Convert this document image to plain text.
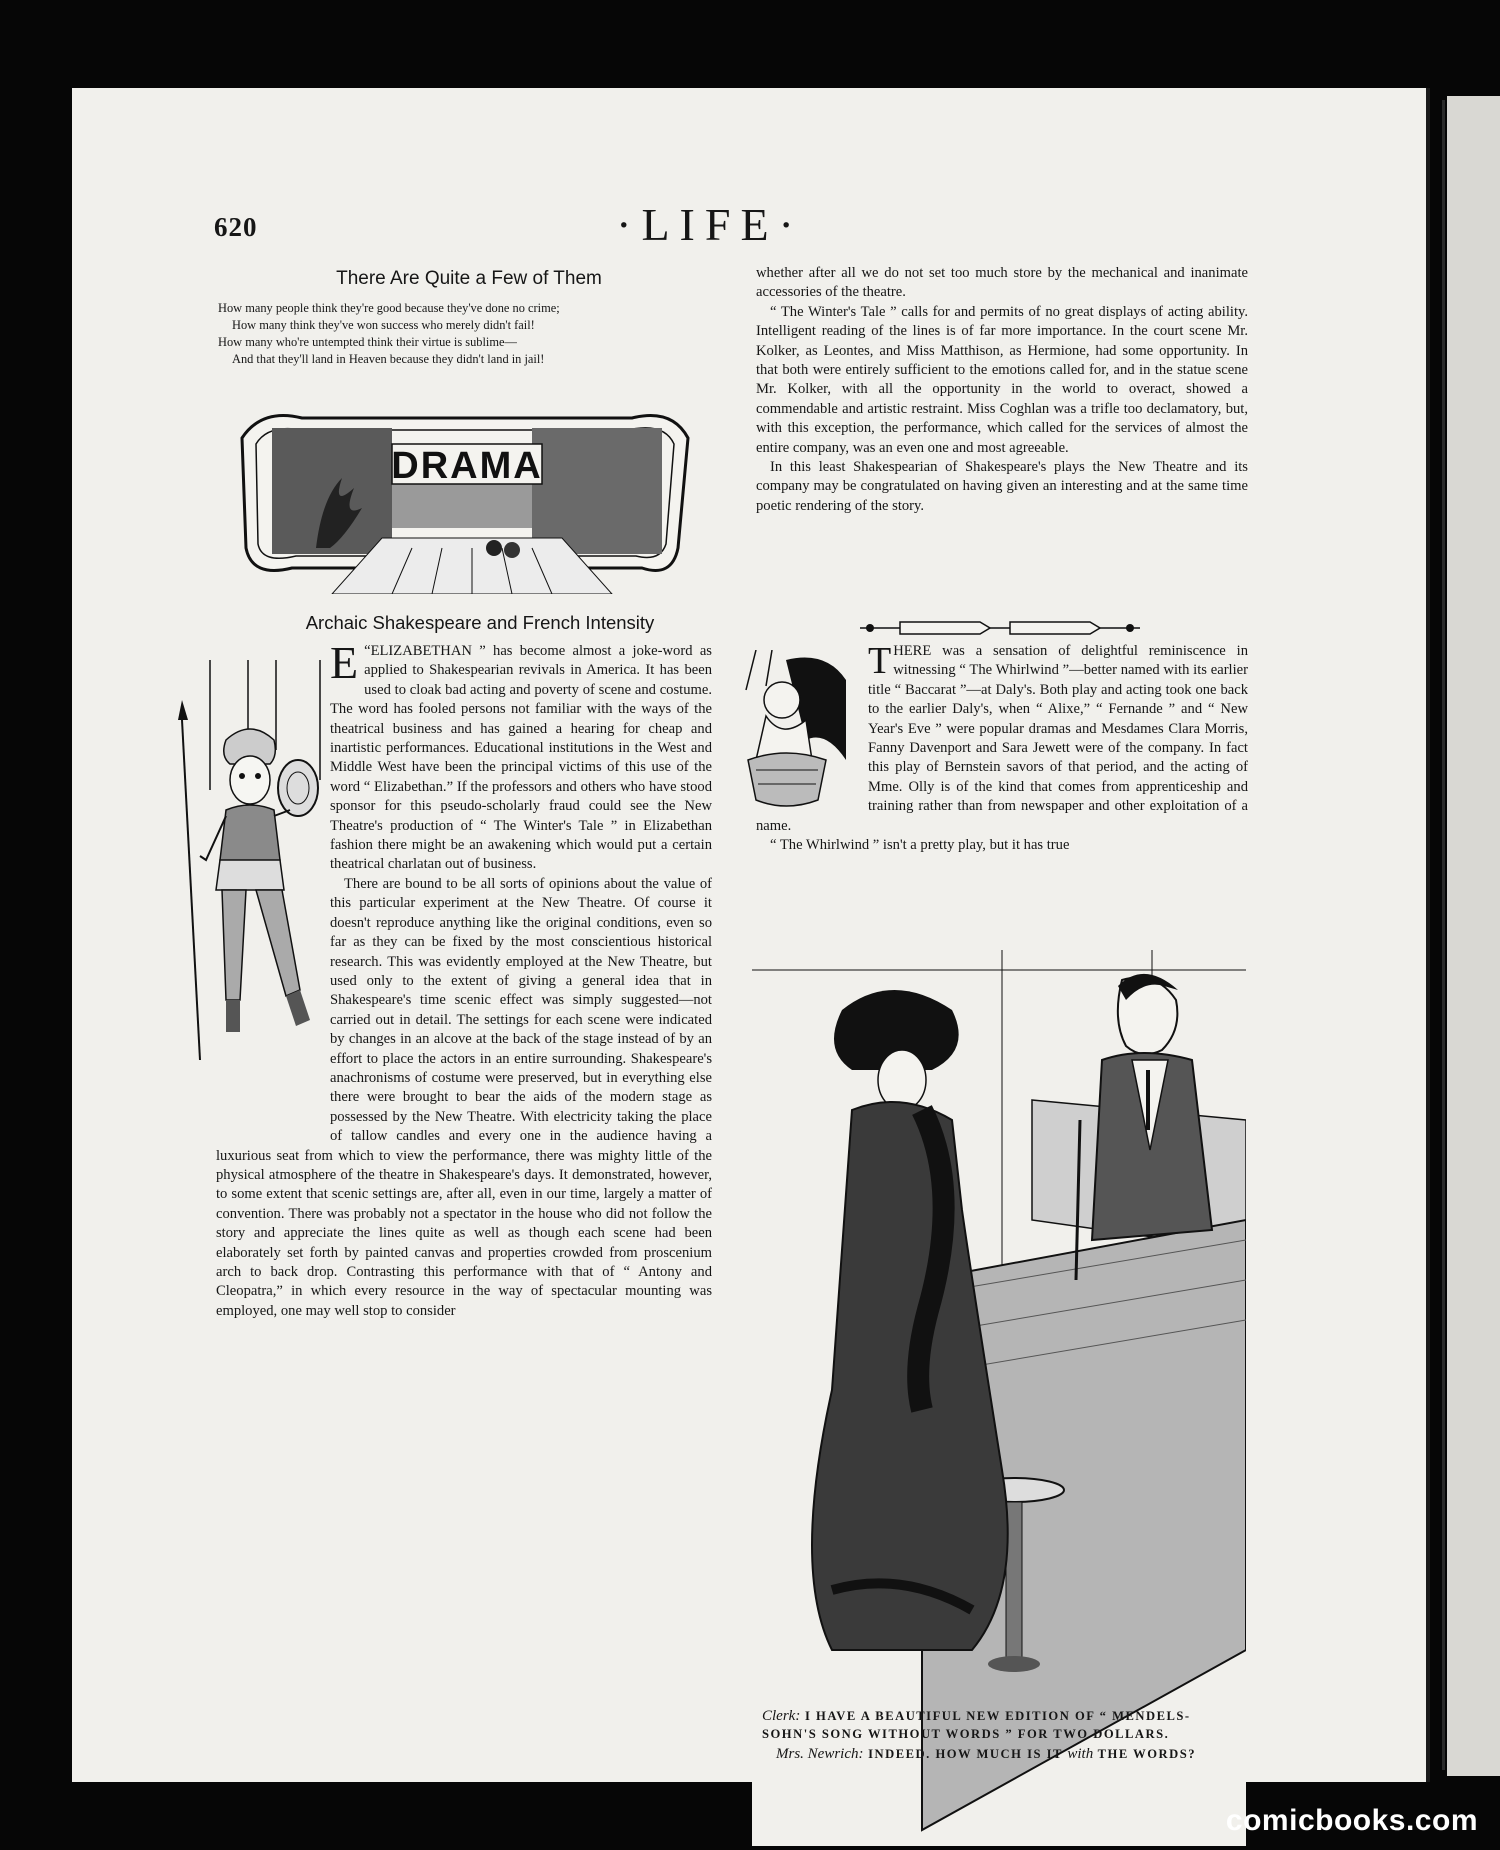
620	·LIFE·
There Are Quite a Few of Them
How many people think they're good because they've done no crime;
How many think they've won success who merely didn't fail!
How many who're untempted think their virtue is sublime—
And that they'll land in Heaven because they didn't land in jail!
DRAMA
Archaic Shakespeare and French Intensity
E “ELIZABETHAN ” has become almost a joke-word as applied to Shakespearian revivals in America. It has been used to cloak bad acting and poverty of scene and costume. The word has fooled persons not familiar with the ways of the theatrical business and has gained a hearing for cheap and inartistic performances. Educational institutions in the West and Middle West have been the principal victims of this use of the word “ Elizabethan.” If the professors and others who have stood sponsor for this pseudo-scholarly fraud could see the New Theatre's production of “ The Winter's Tale ” in Elizabethan fashion there might be an awakening which would put a certain theatrical charlatan out of business.

There are bound to be all sorts of opinions about the value of this particular experiment at the New Theatre. Of course it doesn't reproduce anything like the original conditions, even so far as they can be fixed by the most conscientious historical research. This was evidently employed at the New Theatre, but used only to the extent of giving a general idea that in Shakespeare's time scenic effect was simply suggested—not carried out in detail. The settings for each scene were indicated by changes in an alcove at the back of the stage instead of by an effort to place the actors in an entire surrounding. Shakespeare's anachronisms of costume were preserved, but in everything else there were brought to bear the aids of the modern stage as possessed by the New Theatre. With electricity taking the place of tallow candles and every one in the audience having a luxurious seat from which to view the performance, there was mighty little of the physical atmosphere of the theatre in Shakespeare's days. It demonstrated, however, to some extent that scenic settings are, after all, even in our time, largely a matter of convention. There was probably not a spectator in the house who did not follow the story and appreciate the lines quite as well as though each scene had been elaborately set forth by painted canvas and properties crowded from proscenium arch to back drop. Contrasting this performance with that of “ Antony and Cleopatra,” in which every resource in the way of spectacular mounting was employed, one may well stop to consider

whether after all we do not set too much store by the mechanical and inanimate accessories of the theatre.

“ The Winter's Tale ” calls for and permits of no great displays of acting ability. Intelligent reading of the lines is of far more importance. In the court scene Mr. Kolker, as Leontes, and Miss Matthison, as Hermione, had some opportunity. In that both were entirely sufficient to the emotions called for, and in the statue scene Mr. Kolker, with all the opportunity in the world to overact, showed a commendable and artistic restraint. Miss Coghlan was a trifle too declamatory, but, with this exception, the performance, which called for the services of almost the entire company, was an even one and most agreeable.

In this least Shakespearian of Shakespeare's plays the New Theatre and its company may be congratulated on having given an interesting and at the same time poetic rendering of the story.

THERE was a sensation of delightful reminiscence in witnessing “ The Whirlwind ”—better named with its earlier title “ Baccarat ”—at Daly's. Both play and acting took one back to the earlier Daly's, when “ Alixe,” “ Fernande ” and “ New Year's Eve ” were popular dramas and Mesdames Clara Morris, Fanny Davenport and Sara Jewett were of the company. In fact this play of Bernstein savors of that period, and the acting of Mme. Olly is of the kind that comes from apprenticeship and training rather than from newspaper and other exploitation of a name.

“ The Whirlwind ” isn't a pretty play, but it has true

Clerk: I HAVE A BEAUTIFUL NEW EDITION OF “ MENDELS-
SOHN'S SONG WITHOUT WORDS ” FOR TWO DOLLARS.
Mrs. Newrich: INDEED. HOW MUCH IS IT with THE WORDS?
comicbooks.com
